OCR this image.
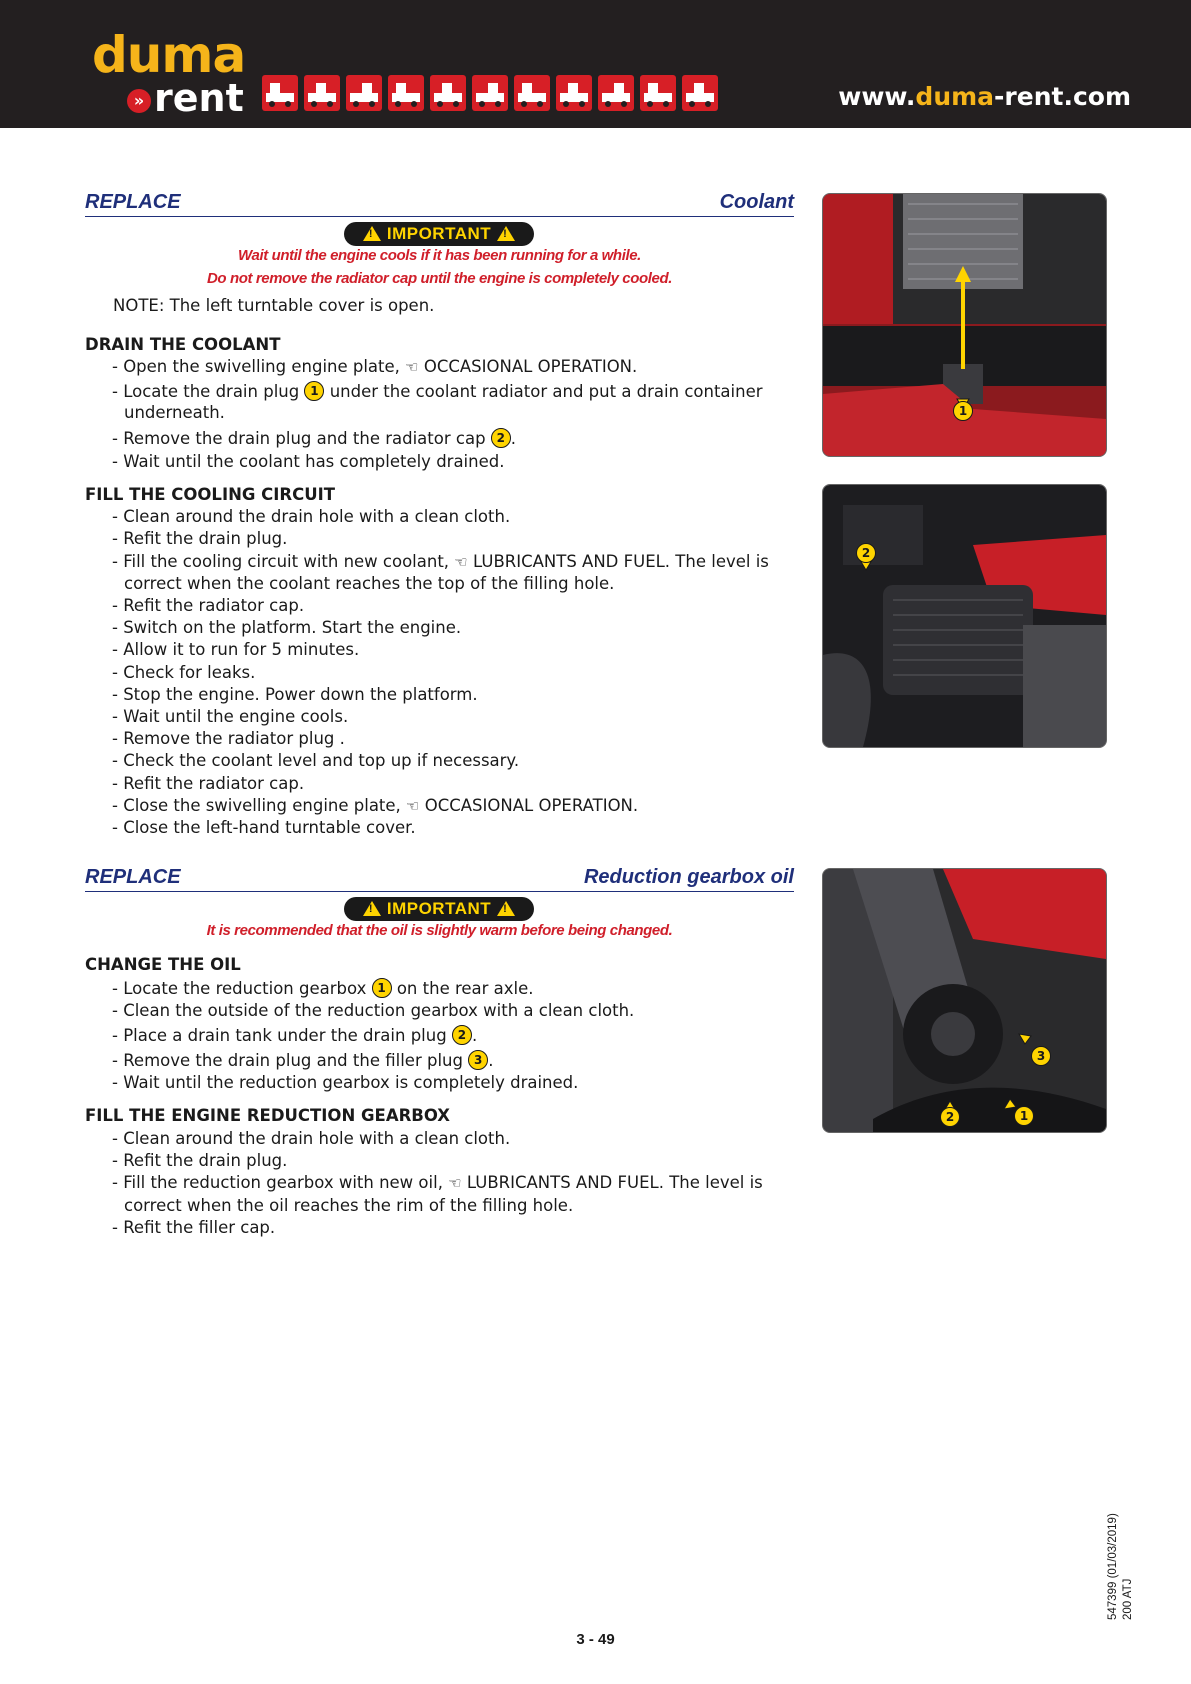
duma
» rent	www.duma-rent.com
REPLACE	Coolant
!IMPORTANT!
Wait until the engine cools if it has been running for a while.
Do not remove the radiator cap until the engine is completely cooled.
NOTE: The left turntable cover is open.
DRAIN THE COOLANT
- Open the swivelling engine plate, ☜ OCCASIONAL OPERATION.
- Locate the drain plug 1 under the coolant radiator and put a drain container
underneath.
- Remove the drain plug and the radiator cap 2 .
- Wait until the coolant has completely drained.
FILL THE COOLING CIRCUIT
- Clean around the drain hole with a clean cloth.
- Refit the drain plug.
- Fill the cooling circuit with new coolant, ☜ LUBRICANTS AND FUEL. The level is
correct when the coolant reaches the top of the filling hole.
- Refit the radiator cap.
- Switch on the platform. Start the engine.
- Allow it to run for 5 minutes.
- Check for leaks.
- Stop the engine. Power down the platform.
- Wait until the engine cools.
- Remove the radiator plug .
- Check the coolant level and top up if necessary.
- Refit the radiator cap.
- Close the swivelling engine plate, ☜ OCCASIONAL OPERATION.
- Close the left-hand turntable cover.
REPLACE	Reduction gearbox oil
!IMPORTANT!
It is recommended that the oil is slightly warm before being changed.
CHANGE THE OIL
- Locate the reduction gearbox 1 on the rear axle.
- Clean the outside of the reduction gearbox with a clean cloth.
- Place a drain tank under the drain plug 2 .
- Remove the drain plug and the filler plug 3 .
- Wait until the reduction gearbox is completely drained.
FILL THE ENGINE REDUCTION GEARBOX
- Clean around the drain hole with a clean cloth.
- Refit the drain plug.
- Fill the reduction gearbox with new oil, ☜ LUBRICANTS AND FUEL. The level is
correct when the oil reaches the rim of the filling hole.
- Refit the filler cap.
1
2
3
2	1
3 - 49
547399 (01/03/2019) 200 ATJ
